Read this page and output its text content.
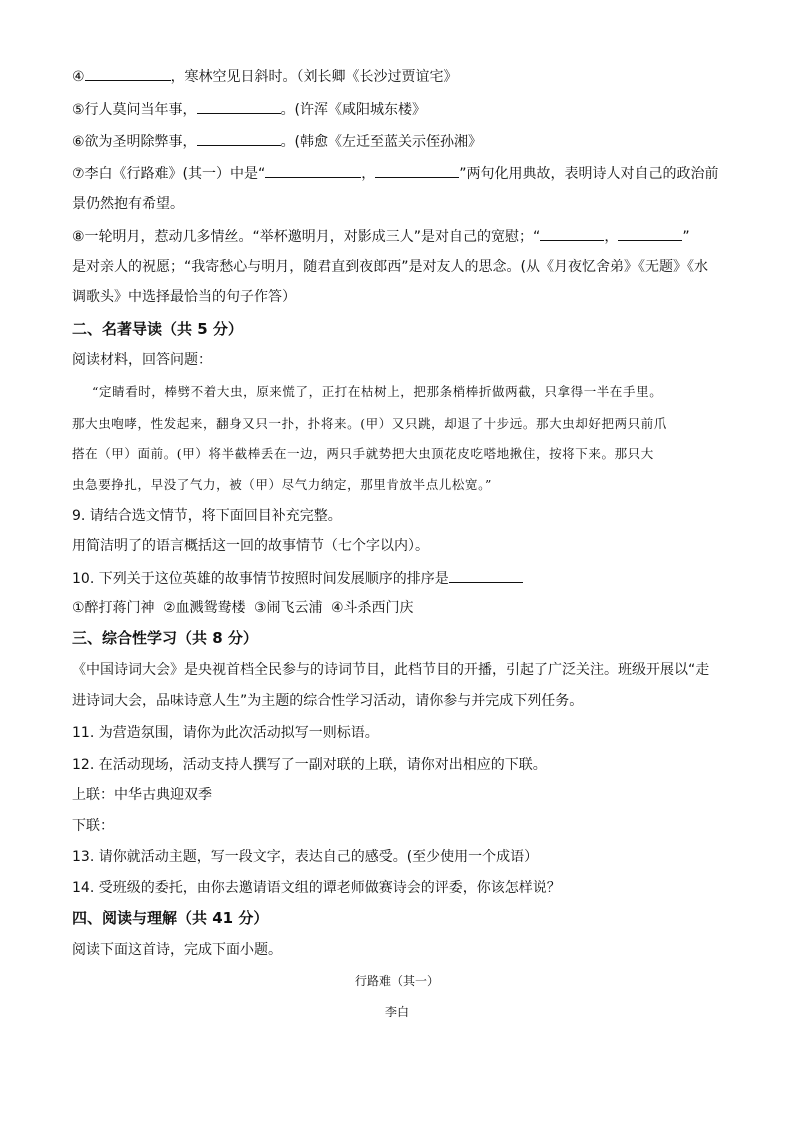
④	，寒林空见日斜时。（刘长卿《长沙过贾谊宅》
⑤行人莫问当年事，	。(许浑《咸阳城东楼》
⑥欲为圣明除弊事，	。(韩愈《左迁至蓝关示侄孙湘》
⑦李白《行路难》(其一）中是“	，	”两句化用典故，表明诗人对自己的政治前
景仍然抱有希望。
⑧一轮明月，惹动几多情丝。“举杯邀明月，对影成三人”是对自己的宽慰；“	，	”
是对亲人的祝愿；“我寄愁心与明月，随君直到夜郎西”是对友人的思念。(从《月夜忆舍弟》《无题》《水
调歌头》中选择最恰当的句子作答）
二、名著导读（共 5 分）
阅读材料，回答问题：
“定睛看时，棒劈不着大虫，原来慌了，正打在枯树上，把那条梢棒折做两截，只拿得一半在手里。
那大虫咆哮，性发起来，翻身又只一扑，扑将来。(甲）又只跳，却退了十步远。那大虫却好把两只前爪
搭在（甲）面前。(甲）将半截棒丢在一边，两只手就势把大虫顶花皮吃嗒地揪住，按将下来。那只大
虫急要挣扎，早没了气力，被（甲）尽气力纳定，那里肯放半点儿松宽。”
9. 请结合选文情节，将下面回目补充完整。
用简洁明了的语言概括这一回的故事情节（七个字以内）。
10. 下列关于这位英雄的故事情节按照时间发展顺序的排序是
①醉打蒋门神 ②血溅鸳鸯楼 ③闹飞云浦 ④斗杀西门庆
三、综合性学习（共 8 分）
《中国诗词大会》是央视首档全民参与的诗词节目，此档节目的开播，引起了广泛关注。班级开展以“走
进诗词大会，品味诗意人生”为主题的综合性学习活动，请你参与并完成下列任务。
11. 为营造氛围，请你为此次活动拟写一则标语。
12. 在活动现场，活动支持人撰写了一副对联的上联，请你对出相应的下联。
上联：中华古典迎双季
下联：
13. 请你就活动主题，写一段文字，表达自己的感受。(至少使用一个成语）
14. 受班级的委托，由你去邀请语文组的谭老师做赛诗会的评委，你该怎样说？
四、阅读与理解（共 41 分）
阅读下面这首诗，完成下面小题。
行路难（其一）
李白
